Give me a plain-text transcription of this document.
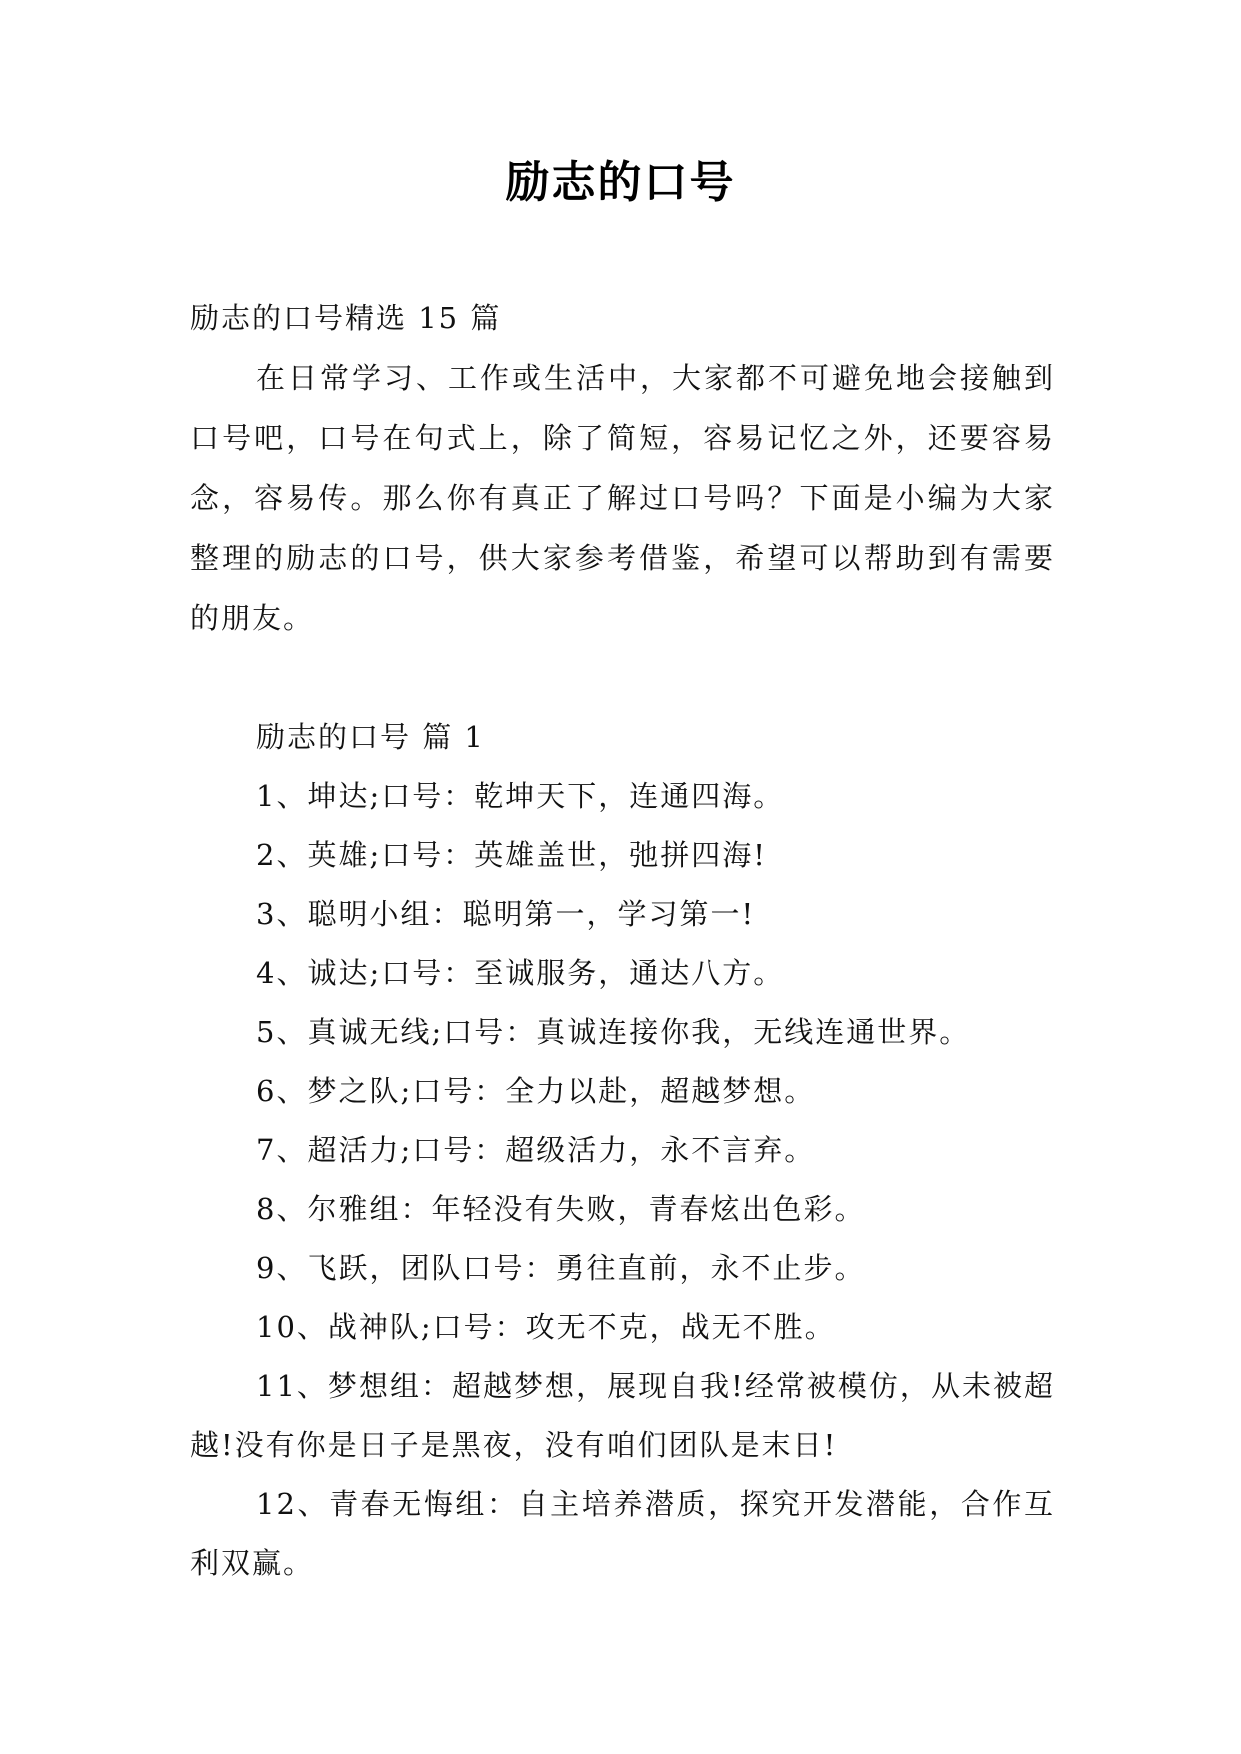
励志的口号

励志的口号精选 15 篇

在日常学习、工作或生活中，大家都不可避免地会接触到口号吧，口号在句式上，除了简短，容易记忆之外，还要容易念，容易传。那么你有真正了解过口号吗？下面是小编为大家整理的励志的口号，供大家参考借鉴，希望可以帮助到有需要的朋友。

励志的口号 篇 1

1、坤达;口号：乾坤天下，连通四海。

2、英雄;口号：英雄盖世，弛拼四海!

3、聪明小组：聪明第一，学习第一!

4、诚达;口号：至诚服务，通达八方。

5、真诚无线;口号：真诚连接你我，无线连通世界。

6、梦之队;口号：全力以赴，超越梦想。

7、超活力;口号：超级活力，永不言弃。

8、尔雅组：年轻没有失败，青春炫出色彩。

9、飞跃，团队口号：勇往直前，永不止步。

10、战神队;口号：攻无不克，战无不胜。

11、梦想组：超越梦想，展现自我!经常被模仿，从未被超越!没有你是日子是黑夜，没有咱们团队是末日!

12、青春无悔组：自主培养潜质，探究开发潜能，合作互利双赢。
